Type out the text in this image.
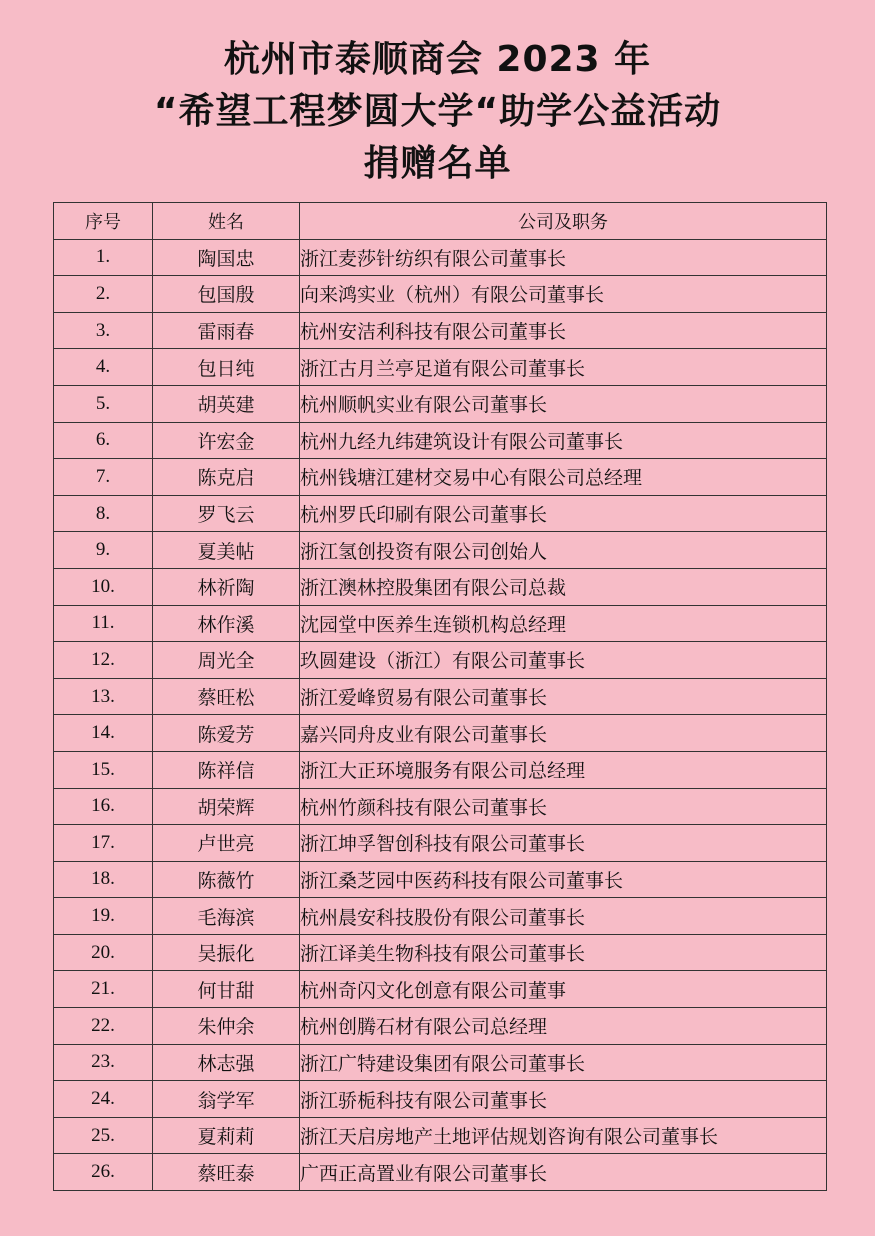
杭州市泰顺商会 2023 年
“希望工程梦圆大学“助学公益活动
捐赠名单
序号	姓名	公司及职务
1.	陶国忠	浙江麦莎针纺织有限公司董事长
2.	包国殷	向来鸿实业（杭州）有限公司董事长
3.	雷雨春	杭州安洁利科技有限公司董事长
4.	包日纯	浙江古月兰亭足道有限公司董事长
5.	胡英建	杭州顺帆实业有限公司董事长
6.	许宏金	杭州九经九纬建筑设计有限公司董事长
7.	陈克启	杭州钱塘江建材交易中心有限公司总经理
8.	罗飞云	杭州罗氏印刷有限公司董事长
9.	夏美帖	浙江氢创投资有限公司创始人
10.	林祈陶	浙江澳林控股集团有限公司总裁
11.	林作溪	沈园堂中医养生连锁机构总经理
12.	周光全	玖圆建设（浙江）有限公司董事长
13.	蔡旺松	浙江爱峰贸易有限公司董事长
14.	陈爱芳	嘉兴同舟皮业有限公司董事长
15.	陈祥信	浙江大正环境服务有限公司总经理
16.	胡荣辉	杭州竹颜科技有限公司董事长
17.	卢世亮	浙江坤孚智创科技有限公司董事长
18.	陈薇竹	浙江桑芝园中医药科技有限公司董事长
19.	毛海滨	杭州晨安科技股份有限公司董事长
20.	吴振化	浙江译美生物科技有限公司董事长
21.	何甘甜	杭州奇闪文化创意有限公司董事
22.	朱仲余	杭州创腾石材有限公司总经理
23.	林志强	浙江广特建设集团有限公司董事长
24.	翁学军	浙江骄栀科技有限公司董事长
25.	夏莉莉	浙江天启房地产土地评估规划咨询有限公司董事长
26.	蔡旺泰	广西正高置业有限公司董事长
